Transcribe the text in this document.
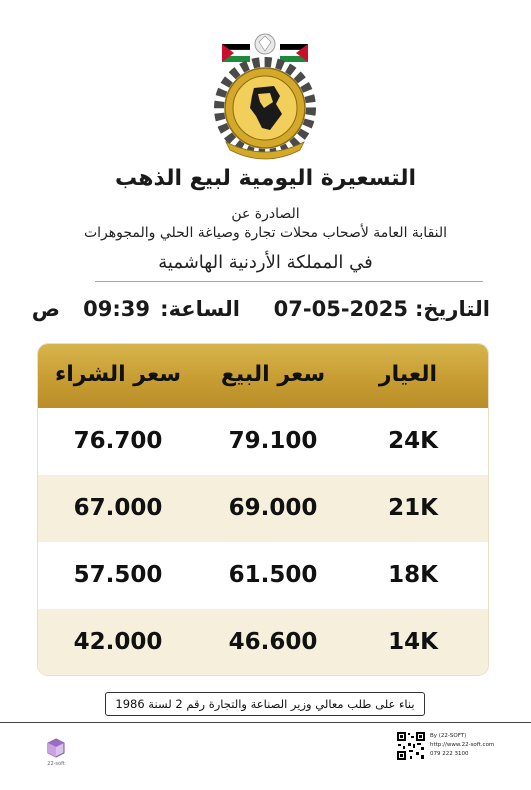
التسعيرة اليومية لبيع الذهب
الصادرة عن
النقابة العامة لأصحاب محلات تجارة وصياغة الحلي والمجوهرات
في المملكة الأردنية الهاشمية
التاريخ:
07-05-2025
الساعة:
09:39
ص
العيار
سعر البيع
سعر الشراء
24K
79.100
76.700
21K
69.000
67.000
18K
61.500
57.500
14K
46.600
42.000
بناء على طلب معالي وزير الصناعة والتجارة رقم 2 لسنة 1986
22-soft
By (22-SOFT)
http://www.22-soft.com
079 222 3100
